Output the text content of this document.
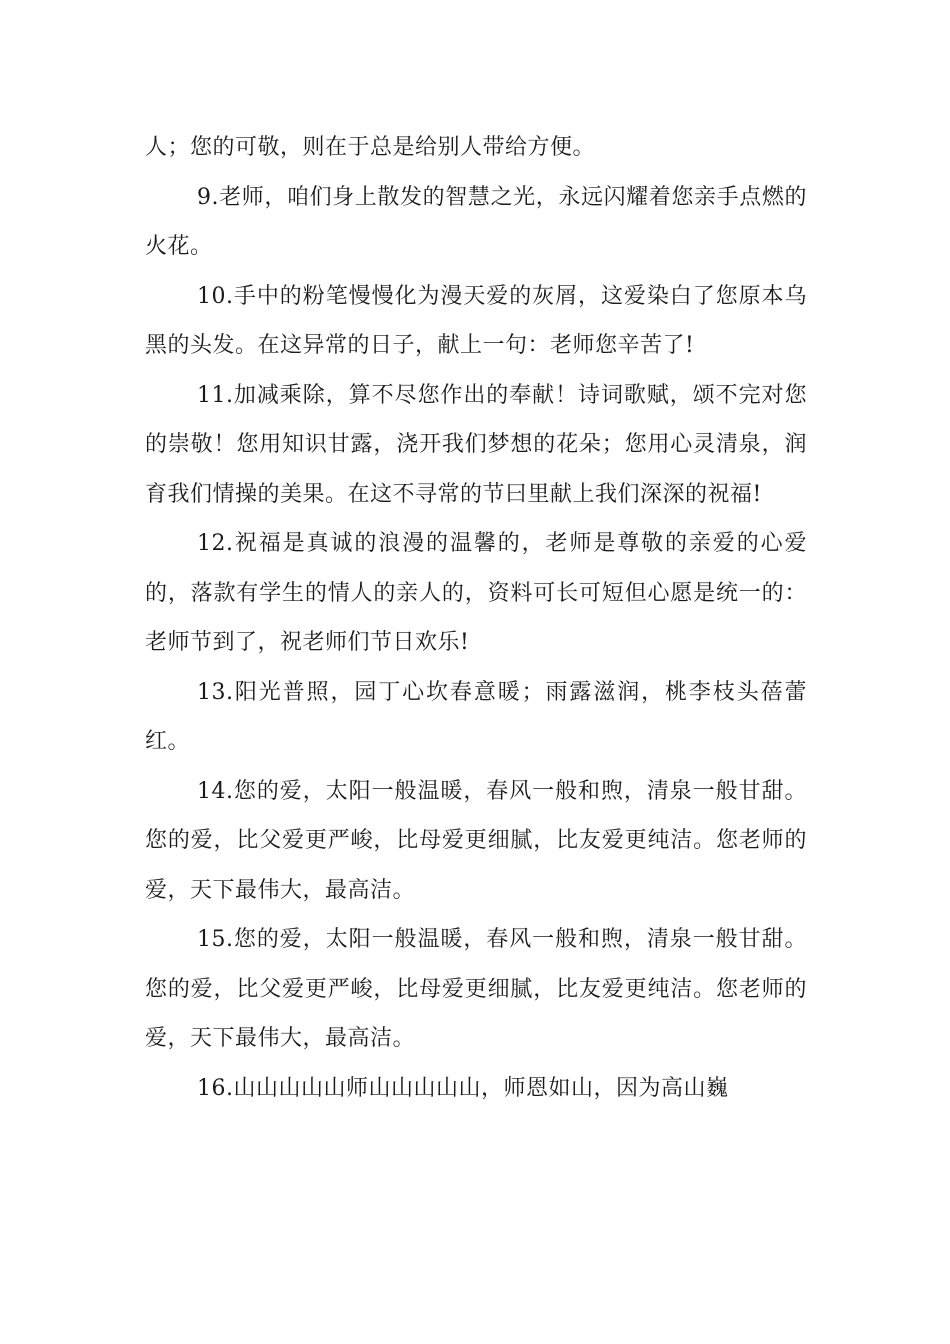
人；您的可敬，则在于总是给别人带给方便。

9.老师，咱们身上散发的智慧之光，永远闪耀着您亲手点燃的火花。

10.手中的粉笔慢慢化为漫天爱的灰屑，这爱染白了您原本乌黑的头发。在这异常的日子，献上一句：老师您辛苦了!

11.加减乘除，算不尽您作出的奉献！诗词歌赋，颂不完对您的崇敬！您用知识甘露，浇开我们梦想的花朵；您用心灵清泉，润育我们情操的美果。在这不寻常的节曰里献上我们深深的祝福!

12.祝福是真诚的浪漫的温馨的，老师是尊敬的亲爱的心爱的，落款有学生的情人的亲人的，资料可长可短但心愿是统一的：老师节到了，祝老师们节日欢乐!

13.阳光普照，园丁心坎春意暖；雨露滋润，桃李枝头蓓蕾红。

14.您的爱，太阳一般温暖，春风一般和煦，清泉一般甘甜。您的爱，比父爱更严峻，比母爱更细腻，比友爱更纯洁。您老师的爱，天下最伟大，最高洁。

15.您的爱，太阳一般温暖，春风一般和煦，清泉一般甘甜。您的爱，比父爱更严峻，比母爱更细腻，比友爱更纯洁。您老师的爱，天下最伟大，最高洁。

16.山山山山山师山山山山山，师恩如山，因为高山巍
